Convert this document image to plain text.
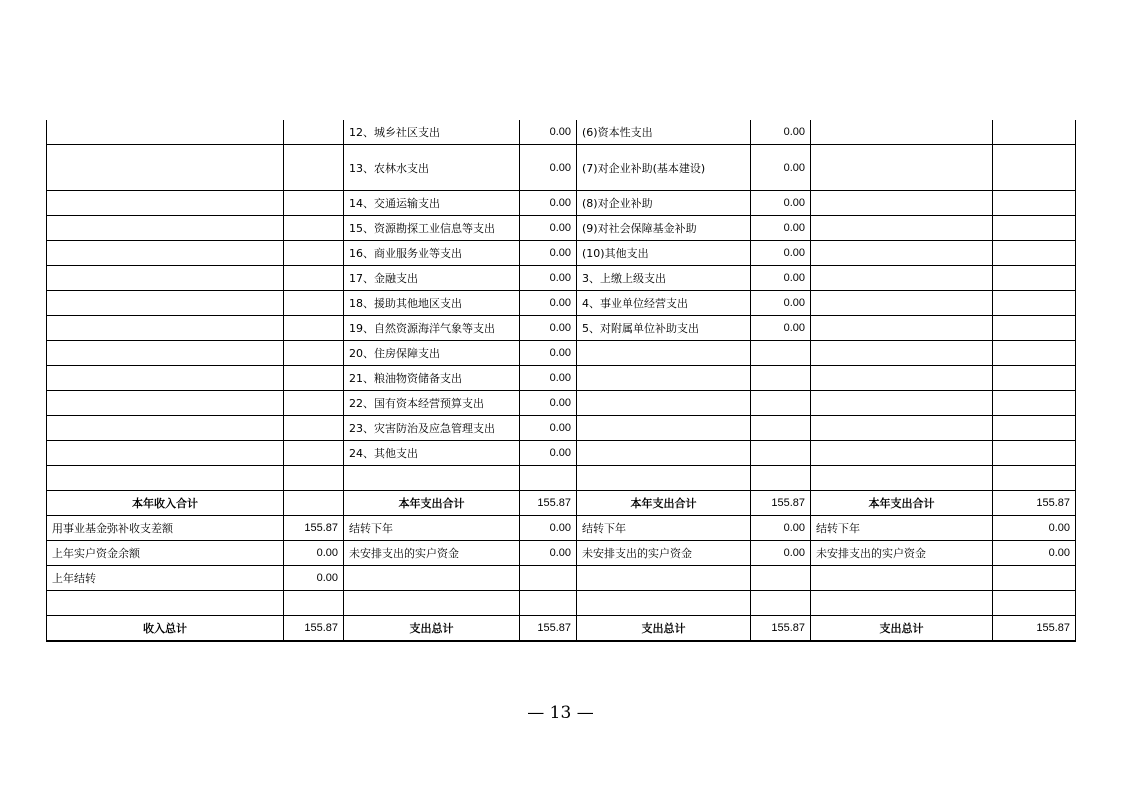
		12、城乡社区支出	0.00	(6)资本性支出	0.00		
		13、农林水支出	0.00	(7)对企业补助(基本建设)	0.00		
		14、交通运输支出	0.00	(8)对企业补助	0.00		
		15、资源勘探工业信息等支出	0.00	(9)对社会保障基金补助	0.00		
		16、商业服务业等支出	0.00	(10)其他支出	0.00		
		17、金融支出	0.00	3、上缴上级支出	0.00		
		18、援助其他地区支出	0.00	4、事业单位经营支出	0.00		
		19、自然资源海洋气象等支出	0.00	5、对附属单位补助支出	0.00		
		20、住房保障支出	0.00				
		21、粮油物资储备支出	0.00				
		22、国有资本经营预算支出	0.00				
		23、灾害防治及应急管理支出	0.00				
		24、其他支出	0.00				

本年收入合计		本年支出合计	155.87	本年支出合计	155.87	本年支出合计	155.87
用事业基金弥补收支差额	155.87	结转下年	0.00	结转下年	0.00	结转下年	0.00
上年实户资金余额	0.00	未安排支出的实户资金	0.00	未安排支出的实户资金	0.00	未安排支出的实户资金	0.00
上年结转	0.00						

收入总计	155.87	支出总计	155.87	支出总计	155.87	支出总计	155.87
— 13 —
